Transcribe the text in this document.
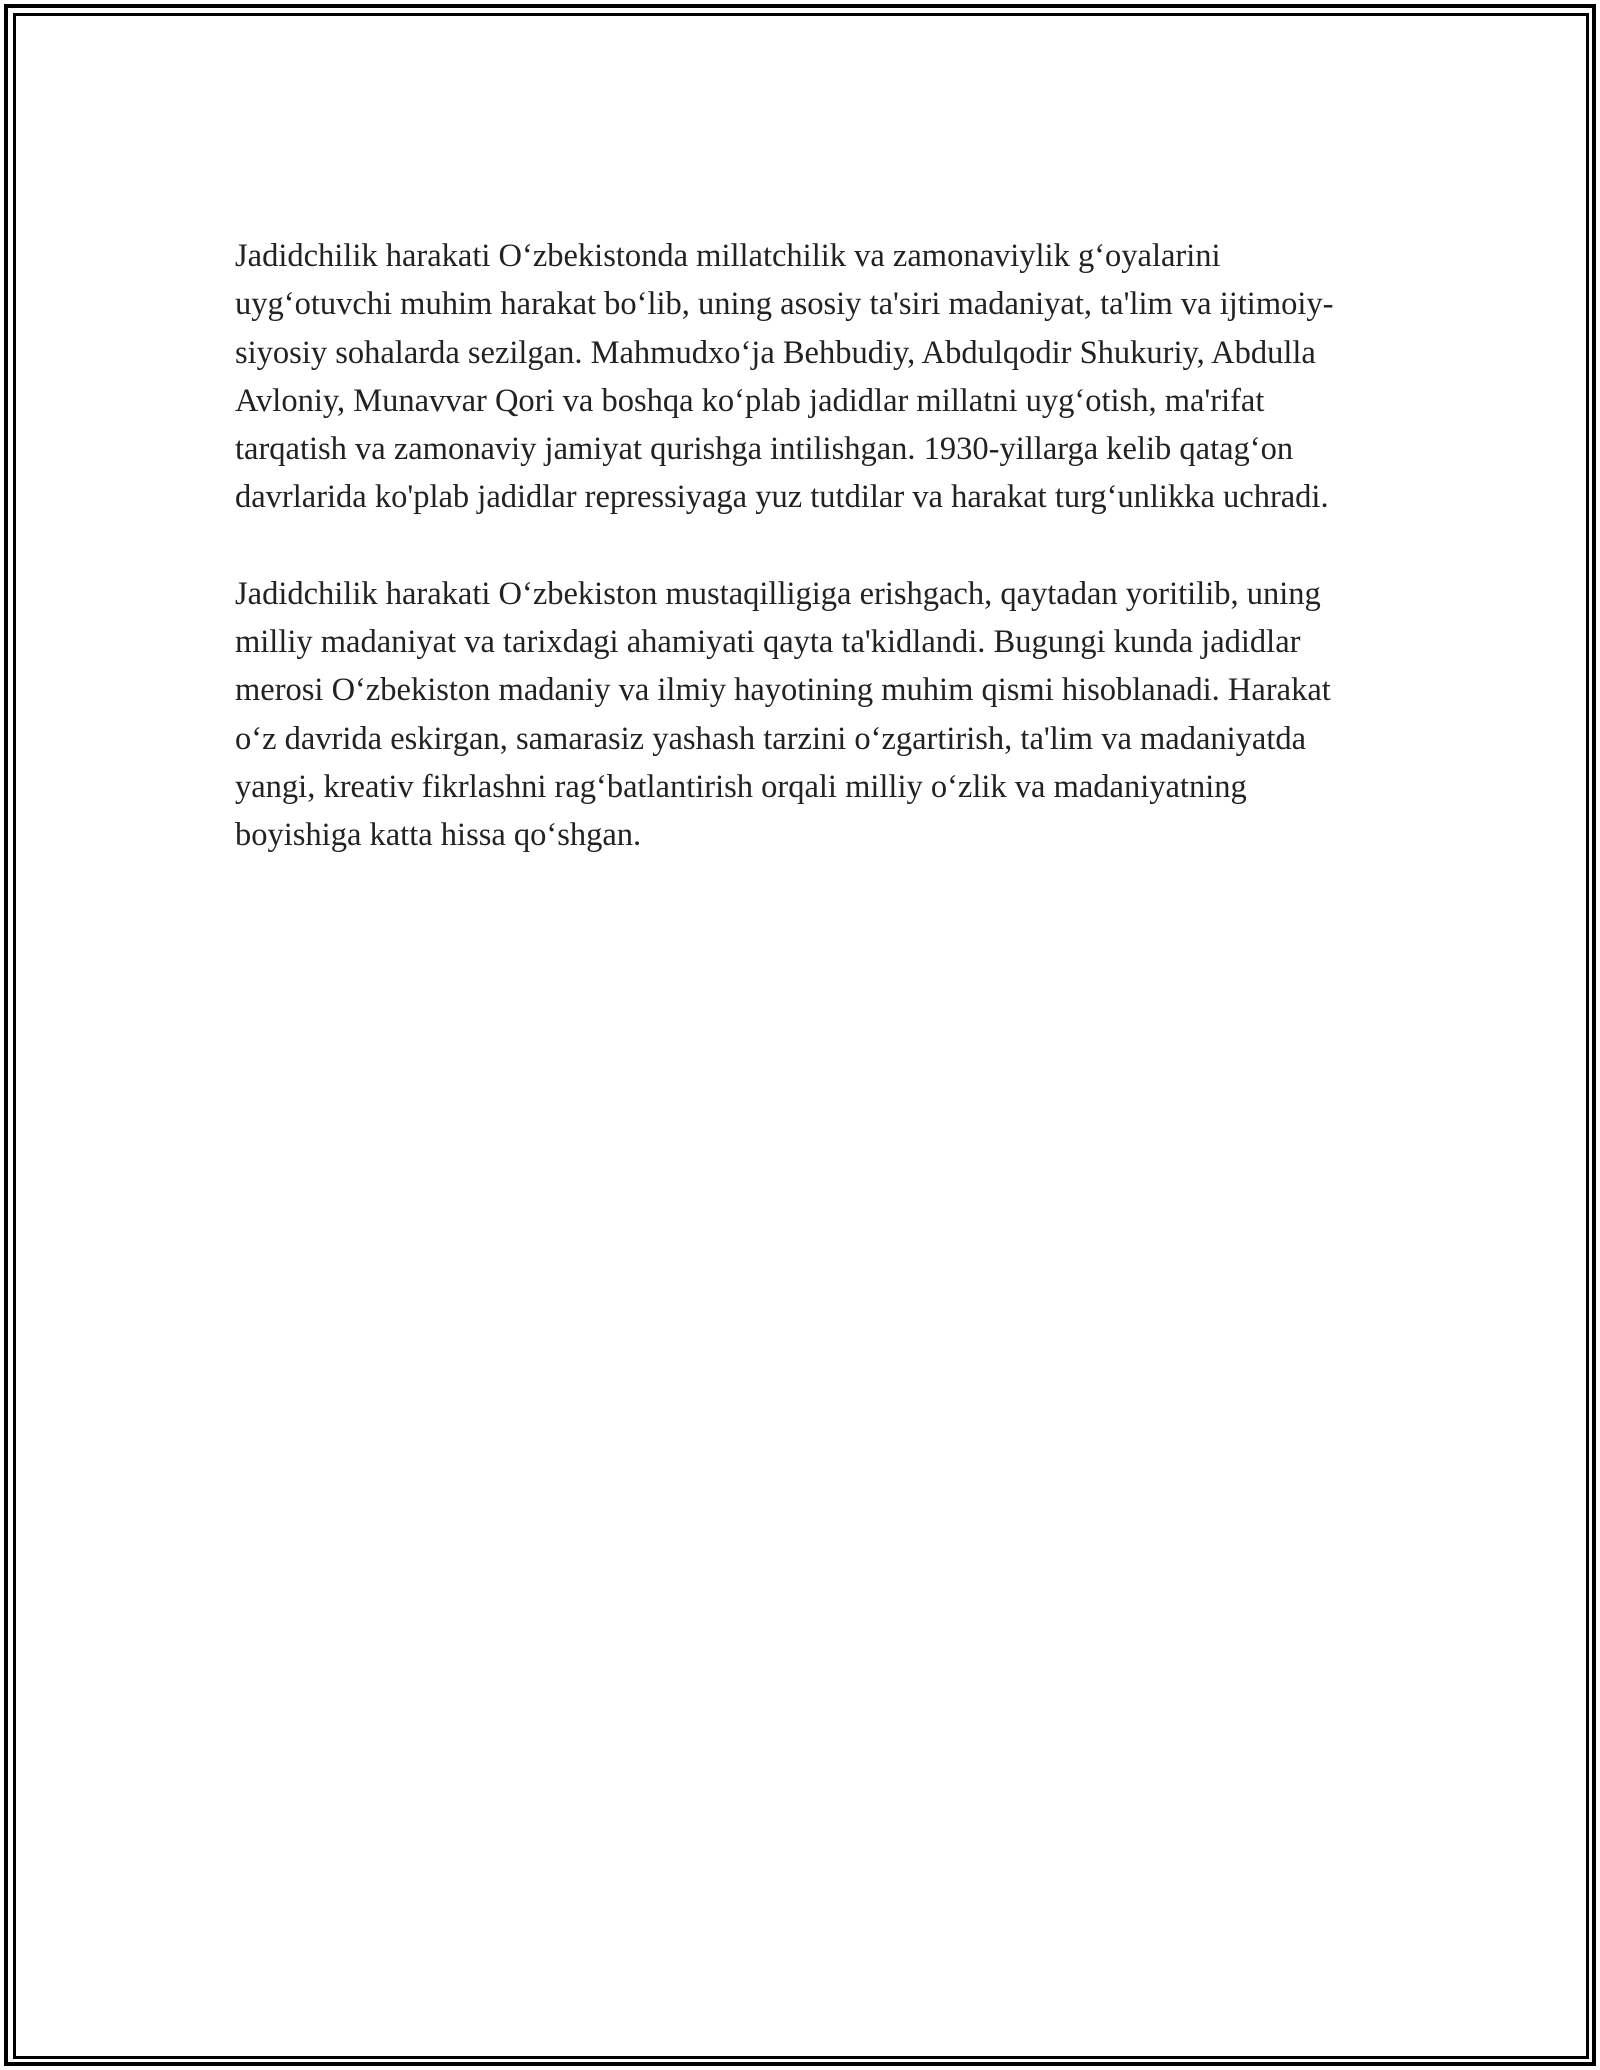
Jadidchilik harakati O‘zbekistonda millatchilik va zamonaviylik g‘oyalarini uyg‘otuvchi muhim harakat bo‘lib, uning asosiy ta'siri madaniyat, ta'lim va ijtimoiy-siyosiy sohalarda sezilgan. Mahmudxo‘ja Behbudiy, Abdulqodir Shukuriy, Abdulla Avloniy, Munavvar Qori va boshqa ko‘plab jadidlar millatni uyg‘otish, ma'rifat tarqatish va zamonaviy jamiyat qurishga intilishgan. 1930-yillarga kelib qatag‘on davrlarida ko'plab jadidlar repressiyaga yuz tutdilar va harakat turg‘unlikka uchradi.

Jadidchilik harakati O‘zbekiston mustaqilligiga erishgach, qaytadan yoritilib, uning milliy madaniyat va tarixdagi ahamiyati qayta ta'kidlandi. Bugungi kunda jadidlar merosi O‘zbekiston madaniy va ilmiy hayotining muhim qismi hisoblanadi. Harakat o‘z davrida eskirgan, samarasiz yashash tarzini o‘zgartirish, ta'lim va madaniyatda yangi, kreativ fikrlashni rag‘batlantirish orqali milliy o‘zlik va madaniyatning boyishiga katta hissa qo‘shgan.
